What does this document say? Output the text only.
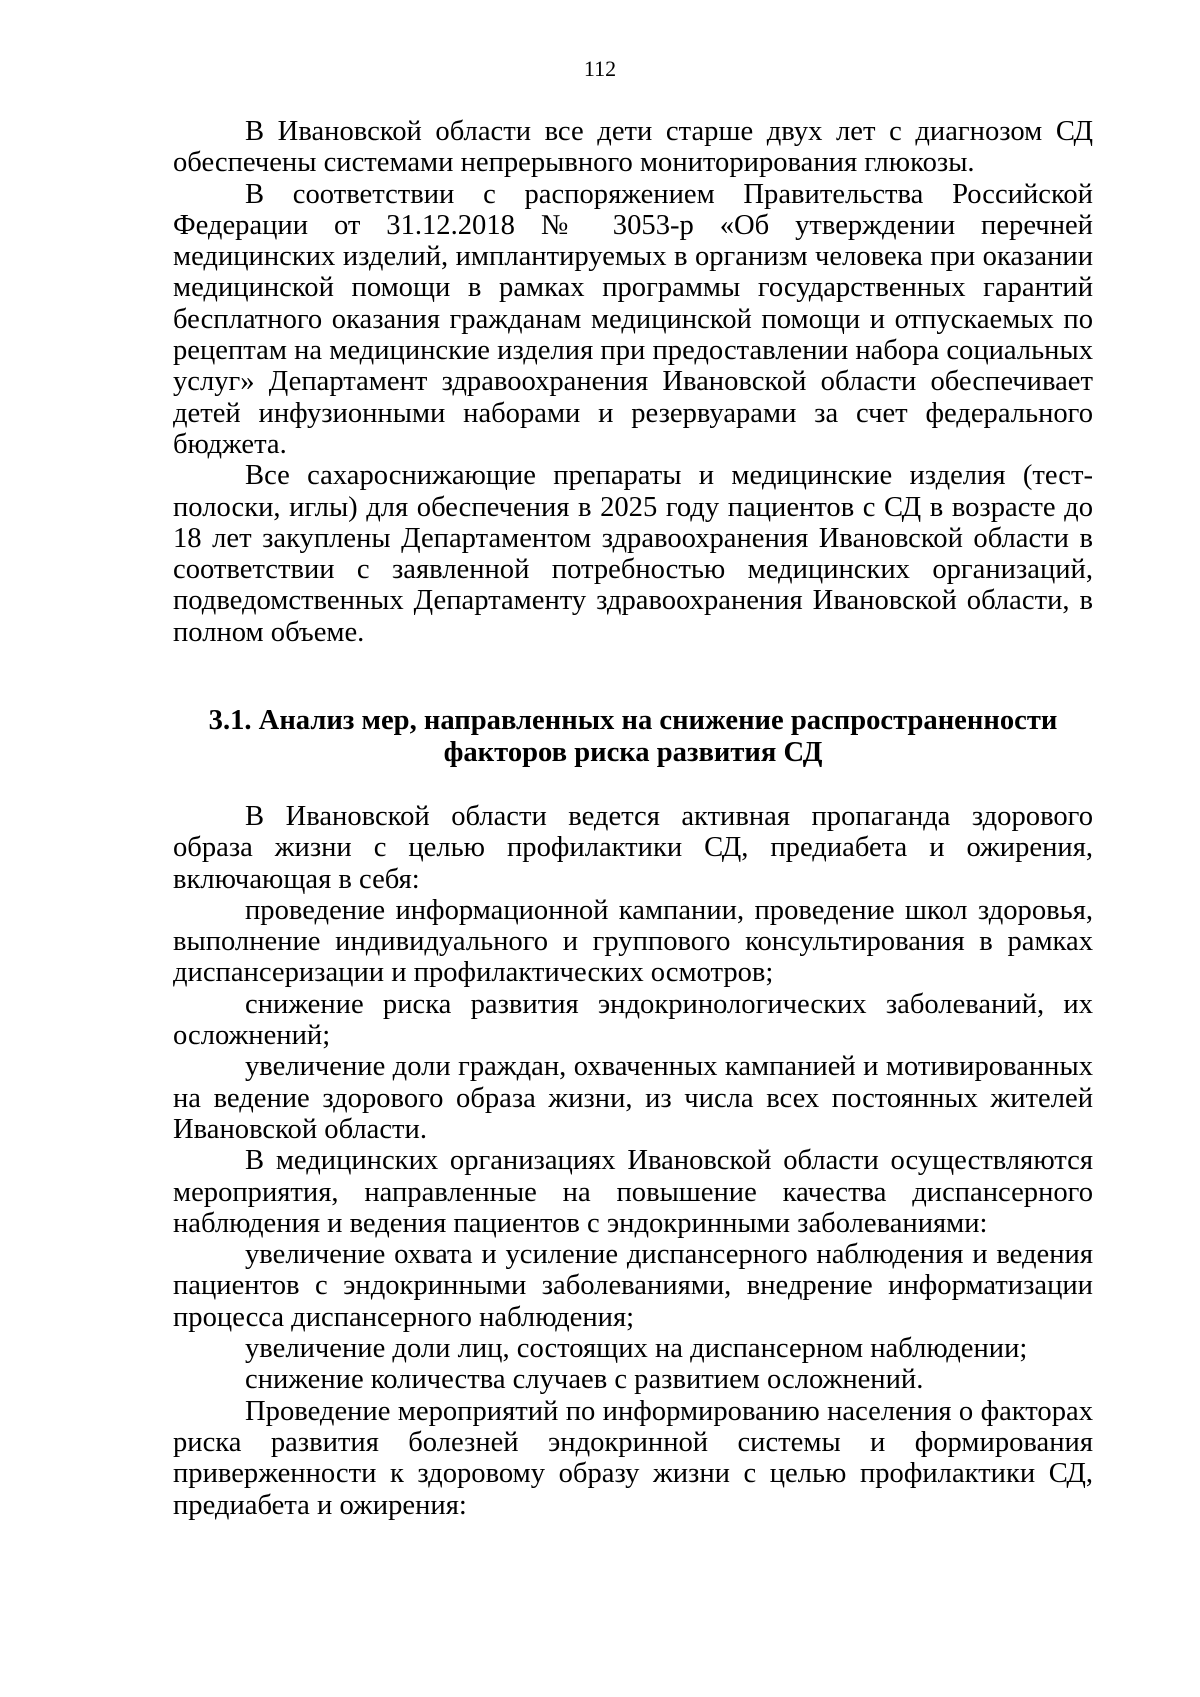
112

В Ивановской области все дети старше двух лет с диагнозом СД обеспечены системами непрерывного мониторирования глюкозы.

В соответствии с распоряжением Правительства Российской Федерации от 31.12.2018 № 3053-р «Об утверждении перечней медицинских изделий, имплантируемых в организм человека при оказании медицинской помощи в рамках программы государственных гарантий бесплатного оказания гражданам медицинской помощи и отпускаемых по рецептам на медицинские изделия при предоставлении набора социальных услуг» Департамент здравоохранения Ивановской области обеспечивает детей инфузионными наборами и резервуарами за счет федерального бюджета.

Все сахароснижающие препараты и медицинские изделия (тест-полоски, иглы) для обеспечения в 2025 году пациентов с СД в возрасте до 18 лет закуплены Департаментом здравоохранения Ивановской области в соответствии с заявленной потребностью медицинских организаций, подведомственных Департаменту здравоохранения Ивановской области, в полном объеме.

3.1. Анализ мер, направленных на снижение распространенности
факторов риска развития СД

В Ивановской области ведется активная пропаганда здорового образа жизни с целью профилактики СД, предиабета и ожирения, включающая в себя:

проведение информационной кампании, проведение школ здоровья, выполнение индивидуального и группового консультирования в рамках диспансеризации и профилактических осмотров;

снижение риска развития эндокринологических заболеваний, их осложнений;

увеличение доли граждан, охваченных кампанией и мотивированных на ведение здорового образа жизни, из числа всех постоянных жителей Ивановской области.

В медицинских организациях Ивановской области осуществляются мероприятия, направленные на повышение качества диспансерного наблюдения и ведения пациентов с эндокринными заболеваниями:

увеличение охвата и усиление диспансерного наблюдения и ведения пациентов с эндокринными заболеваниями, внедрение информатизации процесса диспансерного наблюдения;

увеличение доли лиц, состоящих на диспансерном наблюдении;

снижение количества случаев с развитием осложнений.

Проведение мероприятий по информированию населения о факторах риска развития болезней эндокринной системы и формирования приверженности к здоровому образу жизни с целью профилактики СД, предиабета и ожирения:
